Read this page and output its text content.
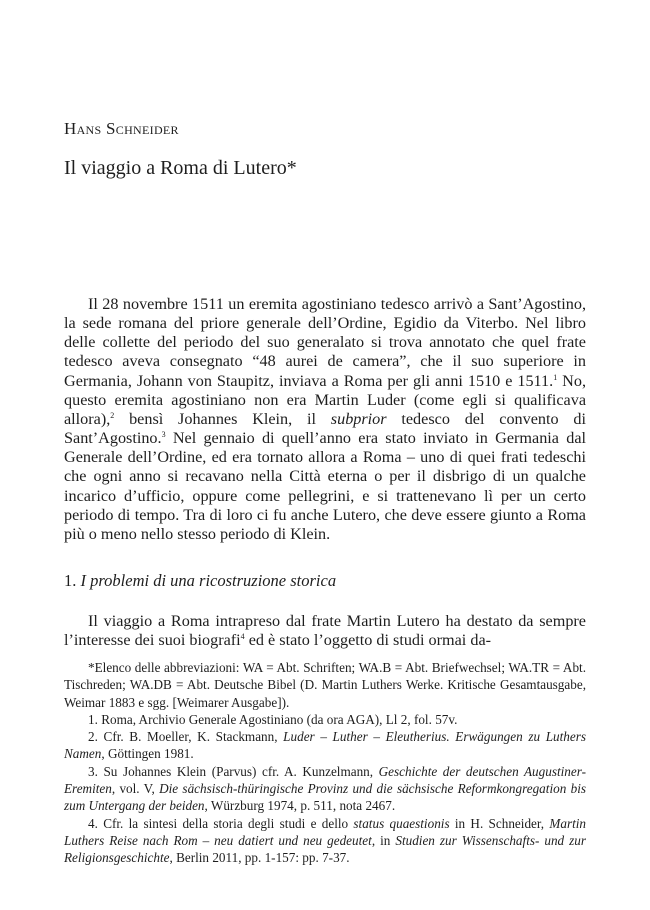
Hans Schneider
Il viaggio a Roma di Lutero*

Il 28 novembre 1511 un eremita agostiniano tedesco arrivò a Sant’Agostino, la sede romana del priore generale dell’Ordine, Egidio da Viterbo. Nel libro delle collette del periodo del suo generalato si trova annotato che quel frate tedesco aveva consegnato “48 aurei de camera”, che il suo superiore in Germania, Johann von Staupitz, inviava a Roma per gli anni 1510 e 1511.$^1$ No, questo eremita agostiniano non era Martin Luder (come egli si qualificava allora),$^2$ bensì Johannes Klein, il subprior tedesco del convento di Sant’Agostino.$^3$ Nel gennaio di quell’anno era stato inviato in Germania dal Generale dell’Ordine, ed era tornato allora a Roma – uno di quei frati tedeschi che ogni anno si recavano nella Città eterna o per il disbrigo di un qualche incarico d’ufficio, oppure come pellegrini, e si trattenevano lì per un certo periodo di tempo. Tra di loro ci fu anche Lutero, che deve essere giunto a Roma più o meno nello stesso periodo di Klein.

1. I problemi di una ricostruzione storica

Il viaggio a Roma intrapreso dal frate Martin Lutero ha destato da sempre l’interesse dei suoi biografi$^4$ ed è stato l’oggetto di studi ormai da-

*Elenco delle abbreviazioni: WA = Abt. Schriften; WA.B = Abt. Briefwechsel; WA.TR = Abt. Tischreden; WA.DB = Abt. Deutsche Bibel (D. Martin Luthers Werke. Kritische Gesamtausgabe, Weimar 1883 e sgg. [Weimarer Ausgabe]).

1. Roma, Archivio Generale Agostiniano (da ora AGA), Ll 2, fol. 57v.

2. Cfr. B. Moeller, K. Stackmann, Luder – Luther – Eleutherius. Erwägungen zu Luthers Namen, Göttingen 1981.

3. Su Johannes Klein (Parvus) cfr. A. Kunzelmann, Geschichte der deutschen Augustiner-Eremiten, vol. V, Die sächsisch-thüringische Provinz und die sächsische Reformkongregation bis zum Untergang der beiden, Würzburg 1974, p. 511, nota 2467.

4. Cfr. la sintesi della storia degli studi e dello status quaestionis in H. Schneider, Martin Luthers Reise nach Rom – neu datiert und neu gedeutet, in Studien zur Wissenschafts- und zur Religionsgeschichte, Berlin 2011, pp. 1-157: pp. 7-37.
